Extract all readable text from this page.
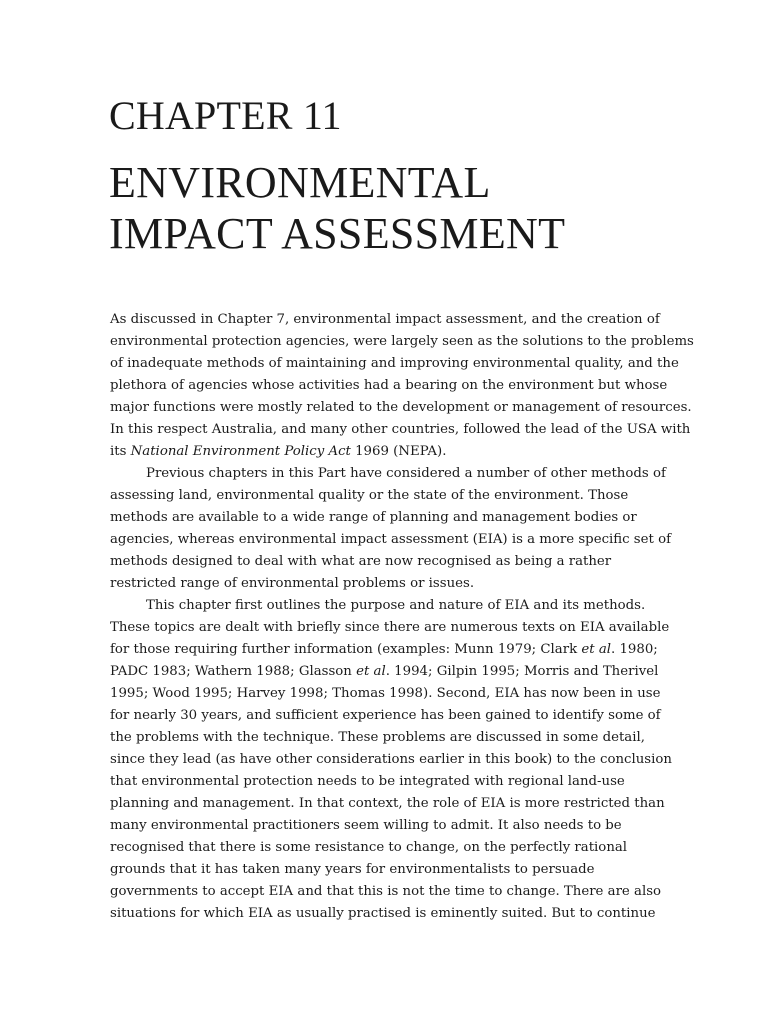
CHAPTER 11
ENVIRONMENTAL
IMPACT ASSESSMENT
As discussed in Chapter 7, environmental impact assessment, and the creation of
environmental protection agencies, were largely seen as the solutions to the problems
of inadequate methods of maintaining and improving environmental quality, and the
plethora of agencies whose activities had a bearing on the environment but whose
major functions were mostly related to the development or management of resources.
In this respect Australia, and many other countries, followed the lead of the USA with
its National Environment Policy Act 1969 (NEPA).
Previous chapters in this Part have considered a number of other methods of
assessing land, environmental quality or the state of the environment. Those
methods are available to a wide range of planning and management bodies or
agencies, whereas environmental impact assessment (EIA) is a more specific set of
methods designed to deal with what are now recognised as being a rather
restricted range of environmental problems or issues.
This chapter first outlines the purpose and nature of EIA and its methods.
These topics are dealt with briefly since there are numerous texts on EIA available
for those requiring further information (examples: Munn 1979; Clark et al. 1980;
PADC 1983; Wathern 1988; Glasson et al. 1994; Gilpin 1995; Morris and Therivel
1995; Wood 1995; Harvey 1998; Thomas 1998). Second, EIA has now been in use
for nearly 30 years, and sufficient experience has been gained to identify some of
the problems with the technique. These problems are discussed in some detail,
since they lead (as have other considerations earlier in this book) to the conclusion
that environmental protection needs to be integrated with regional land-use
planning and management. In that context, the role of EIA is more restricted than
many environmental practitioners seem willing to admit. It also needs to be
recognised that there is some resistance to change, on the perfectly rational
grounds that it has taken many years for environmentalists to persuade
governments to accept EIA and that this is not the time to change. There are also
situations for which EIA as usually practised is eminently suited. But to continue
